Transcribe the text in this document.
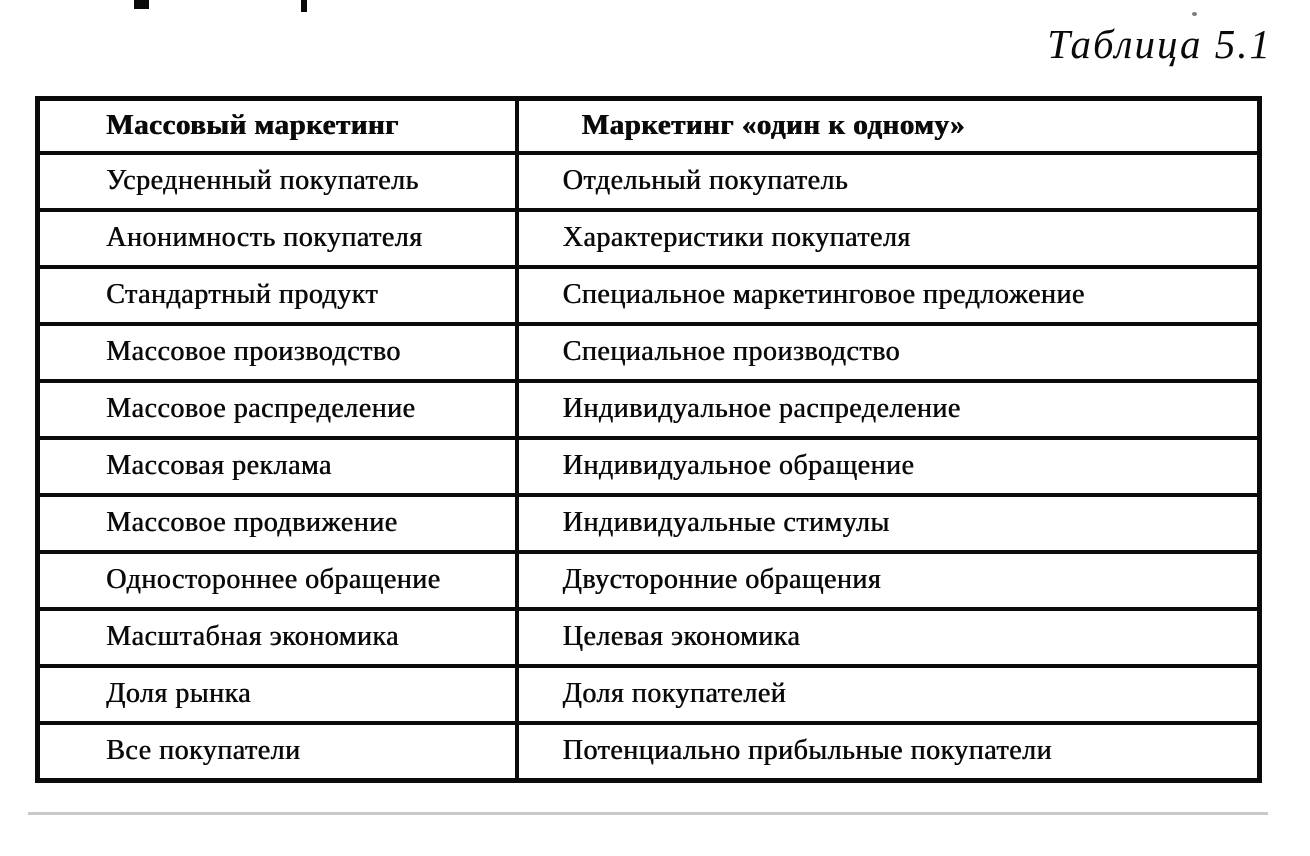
Таблица 5.1
Массовый маркетинг	Маркетинг «один к одному»
Усредненный покупатель	Отдельный покупатель
Анонимность покупателя	Характеристики покупателя
Стандартный продукт	Специальное маркетинговое предложение
Массовое производство	Специальное производство
Массовое распределение	Индивидуальное распределение
Массовая реклама	Индивидуальное обращение
Массовое продвижение	Индивидуальные стимулы
Одностороннее обращение	Двусторонние обращения
Масштабная экономика	Целевая экономика
Доля рынка	Доля покупателей
Все покупатели	Потенциально прибыльные покупатели
